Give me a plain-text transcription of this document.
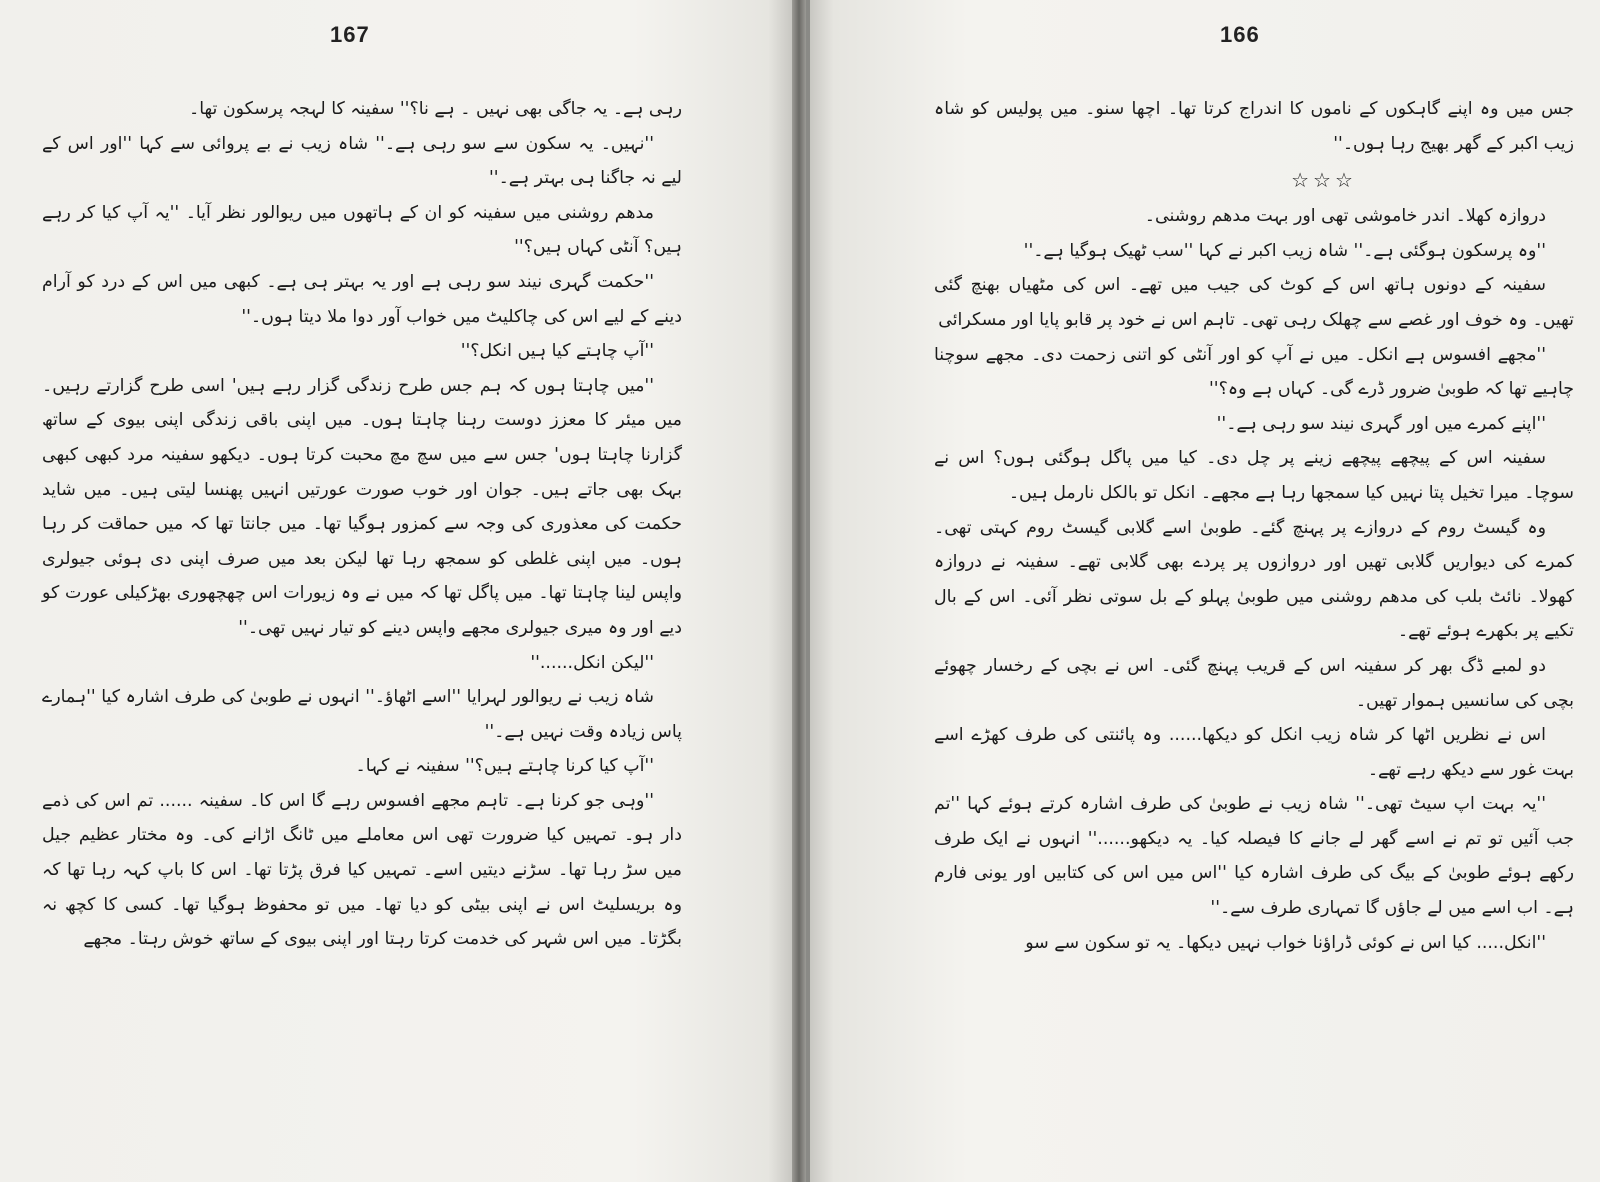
167

رہی ہے۔ یہ جاگی بھی نہیں ۔ ہے نا؟'' سفینہ کا لہجہ پرسکون تھا۔

''نہیں۔ یہ سکون سے سو رہی ہے۔'' شاہ زیب نے بے پروائی سے کہا ''اور اس کے لیے نہ جاگنا ہی بہتر ہے۔''

مدھم روشنی میں سفینہ کو ان کے ہاتھوں میں ریوالور نظر آیا۔ ''یہ آپ کیا کر رہے ہیں؟ آنٹی کہاں ہیں؟''

''حکمت گہری نیند سو رہی ہے اور یہ بہتر ہی ہے۔ کبھی میں اس کے درد کو آرام دینے کے لیے اس کی چاکلیٹ میں خواب آور دوا ملا دیتا ہوں۔''

''آپ چاہتے کیا ہیں انکل؟''

''میں چاہتا ہوں کہ ہم جس طرح زندگی گزار رہے ہیں' اسی طرح گزارتے رہیں۔ میں میئر کا معزز دوست رہنا چاہتا ہوں۔ میں اپنی باقی زندگی اپنی بیوی کے ساتھ گزارنا چاہتا ہوں' جس سے میں سچ مچ محبت کرتا ہوں۔ دیکھو سفینہ مرد کبھی کبھی بہک بھی جاتے ہیں۔ جوان اور خوب صورت عورتیں انہیں پھنسا لیتی ہیں۔ میں شاید حکمت کی معذوری کی وجہ سے کمزور ہوگیا تھا۔ میں جانتا تھا کہ میں حماقت کر رہا ہوں۔ میں اپنی غلطی کو سمجھ رہا تھا لیکن بعد میں صرف اپنی دی ہوئی جیولری واپس لینا چاہتا تھا۔ میں پاگل تھا کہ میں نے وہ زیورات اس چھچھوری بھڑکیلی عورت کو دیے اور وہ میری جیولری مجھے واپس دینے کو تیار نہیں تھی۔''

''لیکن انکل......''

شاہ زیب نے ریوالور لہرایا ''اسے اٹھاؤ۔'' انہوں نے طوبیٰ کی طرف اشارہ کیا ''ہمارے پاس زیادہ وقت نہیں ہے۔''

''آپ کیا کرنا چاہتے ہیں؟'' سفینہ نے کہا۔

''وہی جو کرنا ہے۔ تاہم مجھے افسوس رہے گا اس کا۔ سفینہ ...... تم اس کی ذمے دار ہو۔ تمہیں کیا ضرورت تھی اس معاملے میں ٹانگ اڑانے کی۔ وہ مختار عظیم جیل میں سڑ رہا تھا۔ سڑنے دیتیں اسے۔ تمہیں کیا فرق پڑتا تھا۔ اس کا باپ کہہ رہا تھا کہ وہ بریسلیٹ اس نے اپنی بیٹی کو دیا تھا۔ میں تو محفوظ ہوگیا تھا۔ کسی کا کچھ نہ بگڑتا۔ میں اس شہر کی خدمت کرتا رہتا اور اپنی بیوی کے ساتھ خوش رہتا۔ مجھے

166

جس میں وہ اپنے گاہکوں کے ناموں کا اندراج کرتا تھا۔ اچھا سنو۔ میں پولیس کو شاہ زیب اکبر کے گھر بھیج رہا ہوں۔''

☆☆☆

دروازہ کھلا۔ اندر خاموشی تھی اور بہت مدھم روشنی۔

''وہ پرسکون ہوگئی ہے۔'' شاہ زیب اکبر نے کہا ''سب ٹھیک ہوگیا ہے۔''

سفینہ کے دونوں ہاتھ اس کے کوٹ کی جیب میں تھے۔ اس کی مٹھیاں بھنچ گئی تھیں۔ وہ خوف اور غصے سے چھلک رہی تھی۔ تاہم اس نے خود پر قابو پایا اور مسکرائی

''مجھے افسوس ہے انکل۔ میں نے آپ کو اور آنٹی کو اتنی زحمت دی۔ مجھے سوچنا چاہیے تھا کہ طوبیٰ ضرور ڈرے گی۔ کہاں ہے وہ؟''

''اپنے کمرے میں اور گہری نیند سو رہی ہے۔''

سفینہ اس کے پیچھے پیچھے زینے پر چل دی۔ کیا میں پاگل ہوگئی ہوں؟ اس نے سوچا۔ میرا تخیل پتا نہیں کیا سمجھا رہا ہے مجھے۔ انکل تو بالکل نارمل ہیں۔

وہ گیسٹ روم کے دروازے پر پہنچ گئے۔ طوبیٰ اسے گلابی گیسٹ روم کہتی تھی۔ کمرے کی دیواریں گلابی تھیں اور دروازوں پر پردے بھی گلابی تھے۔ سفینہ نے دروازہ کھولا۔ نائٹ بلب کی مدھم روشنی میں طوبیٰ پہلو کے بل سوتی نظر آئی۔ اس کے بال تکیے پر بکھرے ہوئے تھے۔

دو لمبے ڈگ بھر کر سفینہ اس کے قریب پہنچ گئی۔ اس نے بچی کے رخسار چھوئے بچی کی سانسیں ہموار تھیں۔

اس نے نظریں اٹھا کر شاہ زیب انکل کو دیکھا...... وہ پائنتی کی طرف کھڑے اسے بہت غور سے دیکھ رہے تھے۔

''یہ بہت اپ سیٹ تھی۔'' شاہ زیب نے طوبیٰ کی طرف اشارہ کرتے ہوئے کہا ''تم جب آئیں تو تم نے اسے گھر لے جانے کا فیصلہ کیا۔ یہ دیکھو......'' انہوں نے ایک طرف رکھے ہوئے طوبیٰ کے بیگ کی طرف اشارہ کیا ''اس میں اس کی کتابیں اور یونی فارم ہے۔ اب اسے میں لے جاؤں گا تمہاری طرف سے۔''

''انکل..... کیا اس نے کوئی ڈراؤنا خواب نہیں دیکھا۔ یہ تو سکون سے سو
